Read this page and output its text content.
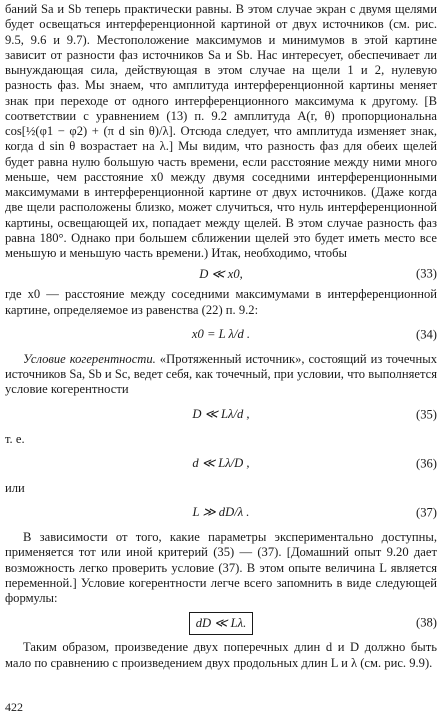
баний Sa и Sb теперь практически равны. В этом случае экран с двумя щелями будет освещаться интерференционной картиной от двух источников (см. рис. 9.5, 9.6 и 9.7). Местоположение максимумов и минимумов в этой картине зависит от разности фаз источников Sa и Sb. Нас интересует, обеспечивает ли вынуждающая сила, действующая в этом случае на щели 1 и 2, нулевую разность фаз. Мы знаем, что амплитуда интерференционной картины меняет знак при переходе от одного интерференционного максимума к другому. [В соответствии с уравнением (13) п. 9.2 амплитуда A(r, θ) пропорциональна cos[½(φ1 − φ2) + (π d sin θ)/λ]. Отсюда следует, что амплитуда изменяет знак, когда d sin θ возрастает на λ.] Мы видим, что разность фаз для обеих щелей будет равна нулю большую часть времени, если расстояние между ними много меньше, чем расстояние x0 между двумя соседними интерференционными максимумами в интерференционной картине от двух источников. (Даже когда две щели расположены близко, может случиться, что нуль интерференционной картины, освещающей их, попадает между щелей. В этом случае разность фаз равна 180°. Однако при большем сближении щелей это будет иметь место все меньшую и меньшую часть времени.) Итак, необходимо, чтобы

D ≪ x0,	(33)

где x0 — расстояние между соседними максимумами в интерференционной картине, определяемое из равенства (22) п. 9.2:

x0 = L λ/d .	(34)

Условие когерентности. «Протяженный источник», состоящий из точечных источников Sa, Sb и Sc, ведет себя, как точечный, при условии, что выполняется условие когерентности

D ≪ Lλ/d ,	(35)

т. е.

d ≪ Lλ/D ,	(36)

или

L ≫ dD/λ .	(37)

В зависимости от того, какие параметры экспериментально доступны, применяется тот или иной критерий (35) — (37). [Домашний опыт 9.20 дает возможность легко проверить условие (37). В этом опыте величина L является переменной.] Условие когерентности легче всего запомнить в виде следующей формулы:

dD ≪ Lλ.	(38)

Таким образом, произведение двух поперечных длин d и D должно быть мало по сравнению с произведением двух продольных длин L и λ (см. рис. 9.9).

422
